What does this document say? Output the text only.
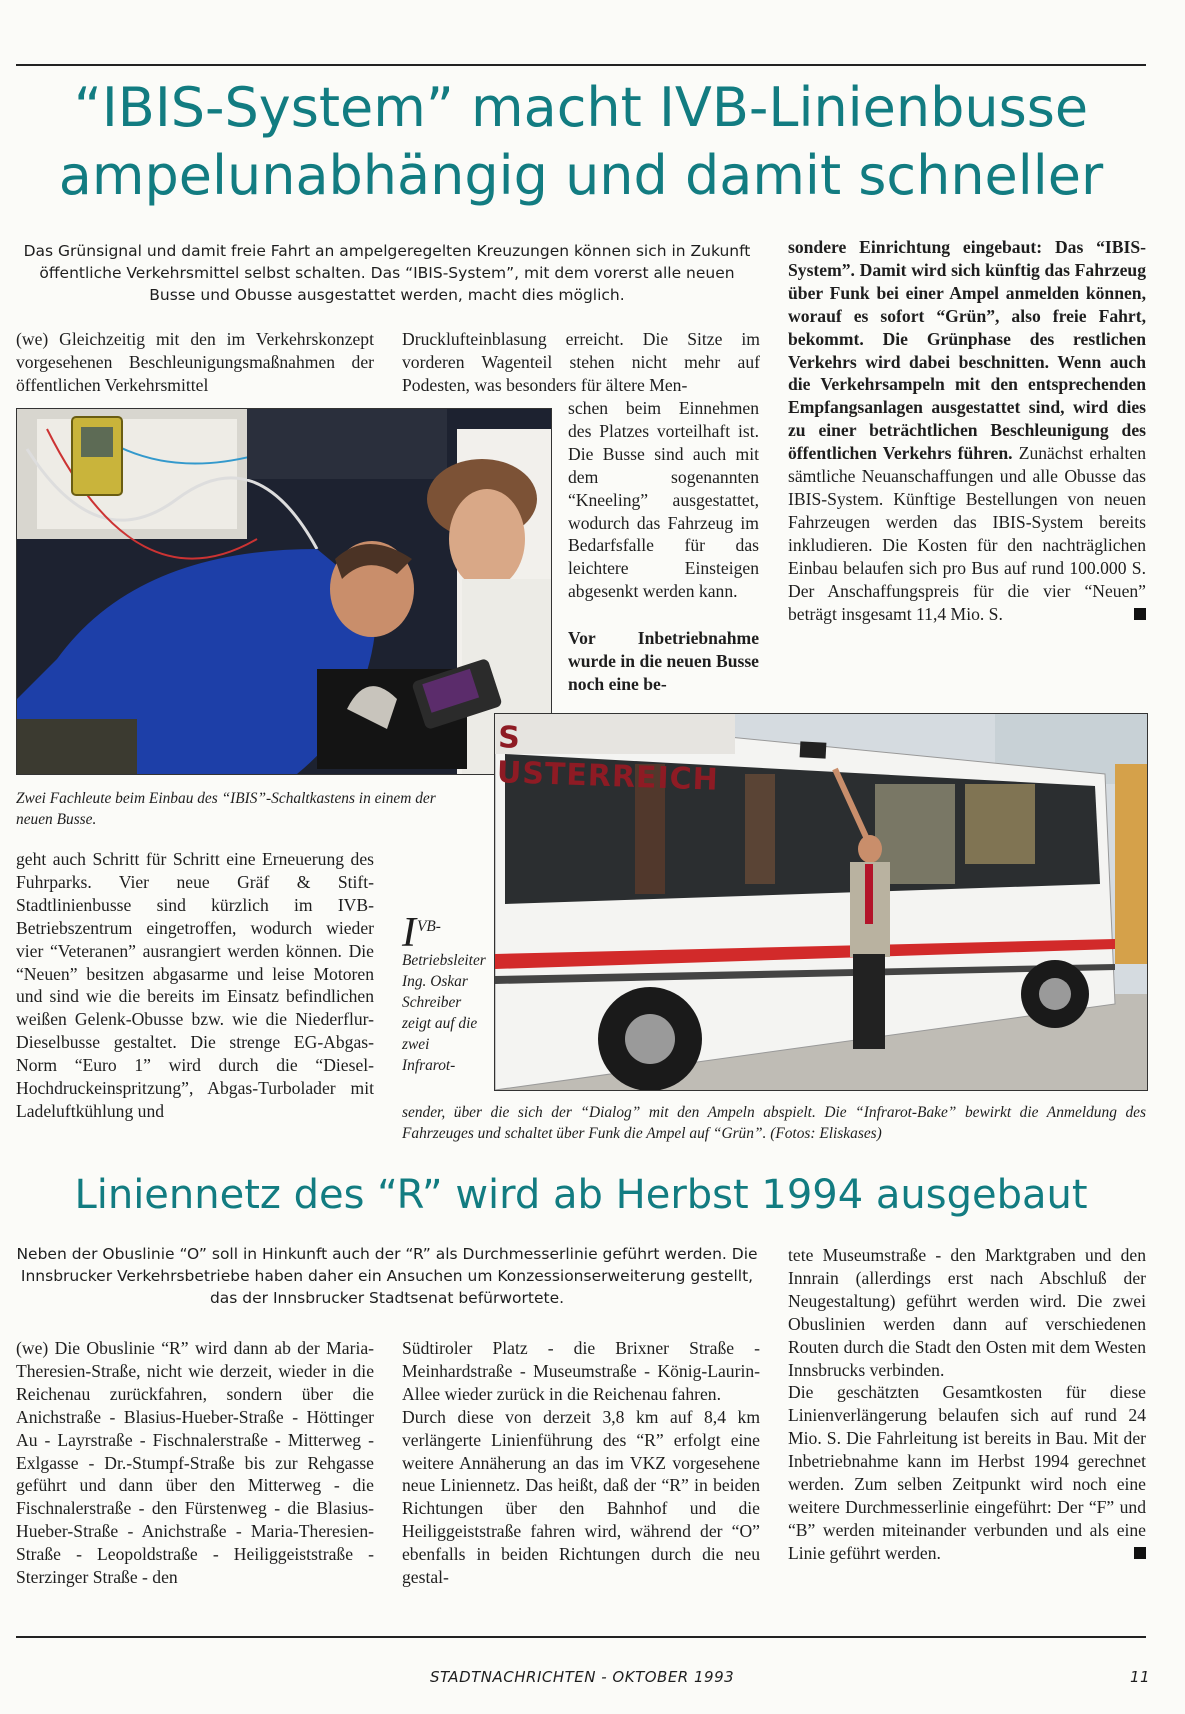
“IBIS-System” macht IVB-Linienbusse
ampelunabhängig und damit schneller

Das Grünsignal und damit freie Fahrt an ampelgeregelten Kreuzungen können sich in Zukunft öffentliche Verkehrsmittel selbst schalten. Das “IBIS-System”, mit dem vorerst alle neuen Busse und Obusse ausgestattet werden, macht dies möglich.

(we) Gleichzeitig mit den im Verkehrskonzept vorgesehenen Beschleunigungsmaßnahmen der öffentlichen Verkehrsmittel

Zwei Fachleute beim Einbau des “IBIS”-Schaltkastens in einem der neuen Busse.

geht auch Schritt für Schritt eine Erneuerung des Fuhrparks. Vier neue Gräf & Stift-Stadtlinienbusse sind kürzlich im IVB-Betriebszentrum eingetroffen, wodurch wieder vier “Veteranen” ausrangiert werden können. Die “Neuen” besitzen abgasarme und leise Motoren und sind wie die bereits im Einsatz befindlichen weißen Gelenk-Obusse bzw. wie die Niederflur-Dieselbusse gestaltet. Die strenge EG-Abgas-Norm “Euro 1” wird durch die “Diesel-Hochdruckeinspritzung”, Abgas-Turbolader mit Ladeluftkühlung und

Drucklufteinblasung erreicht. Die Sitze im vorderen Wagenteil stehen nicht mehr auf Podesten, was besonders für ältere Men-

schen beim Einnehmen des Platzes vorteilhaft ist. Die Busse sind auch mit dem sogenannten “Kneeling” ausgestattet, wodurch das Fahrzeug im Bedarfsfalle für das leichtere Einsteigen abgesenkt werden kann.

Vor Inbetriebnahme wurde in die neuen Busse noch eine be-

sondere Einrichtung eingebaut: Das “IBIS-System”. Damit wird sich künftig das Fahrzeug über Funk bei einer Ampel anmelden können, worauf es sofort “Grün”, also freie Fahrt, bekommt. Die Grünphase des restlichen Verkehrs wird dabei beschnitten. Wenn auch die Verkehrsampeln mit den entsprechenden Empfangsanlagen ausgestattet sind, wird dies zu einer beträchtlichen Beschleunigung des öffentlichen Verkehrs führen. Zunächst erhalten sämtliche Neuanschaffungen und alle Obusse das IBIS-System. Künftige Bestellungen von neuen Fahrzeugen werden das IBIS-System bereits inkludieren. Die Kosten für den nachträglichen Einbau belaufen sich pro Bus auf rund 100.000 S. Der Anschaffungspreis für die vier “Neuen” beträgt insgesamt 11,4 Mio. S.

S USTERREICH
I VB-Betriebsleiter Ing. Oskar Schreiber zeigt auf die zwei Infrarot-

sender, über die sich der “Dialog” mit den Ampeln abspielt. Die “Infrarot-Bake” bewirkt die Anmeldung des Fahrzeuges und schaltet über Funk die Ampel auf “Grün”. (Fotos: Eliskases)

Liniennetz des “R” wird ab Herbst 1994 ausgebaut

Neben der Obuslinie “O” soll in Hinkunft auch der “R” als Durchmesserlinie geführt werden. Die Innsbrucker Verkehrsbetriebe haben daher ein Ansuchen um Konzessionserweiterung gestellt, das der Innsbrucker Stadtsenat befürwortete.

(we) Die Obuslinie “R” wird dann ab der Maria-Theresien-Straße, nicht wie derzeit, wieder in die Reichenau zurückfahren, sondern über die Anichstraße - Blasius-Hueber-Straße - Höttinger Au - Layrstraße - Fischnalerstraße - Mitterweg - Exlgasse - Dr.-Stumpf-Straße bis zur Rehgasse geführt und dann über den Mitterweg - die Fischnalerstraße - den Fürstenweg - die Blasius-Hueber-Straße - Anichstraße - Maria-Theresien-Straße - Leopoldstraße - Heiliggeiststraße - Sterzinger Straße - den

Südtiroler Platz - die Brixner Straße - Meinhardstraße - Museumstraße - König-Laurin-Allee wieder zurück in die Reichenau fahren.
Durch diese von derzeit 3,8 km auf 8,4 km verlängerte Linienführung des “R” erfolgt eine weitere Annäherung an das im VKZ vorgesehene neue Liniennetz. Das heißt, daß der “R” in beiden Richtungen über den Bahnhof und die Heiliggeiststraße fahren wird, während der “O” ebenfalls in beiden Richtungen durch die neu gestal-

tete Museumstraße - den Marktgraben und den Innrain (allerdings erst nach Abschluß der Neugestaltung) geführt werden wird. Die zwei Obuslinien werden dann auf verschiedenen Routen durch die Stadt den Osten mit dem Westen Innsbrucks verbinden.
Die geschätzten Gesamtkosten für diese Linienverlängerung belaufen sich auf rund 24 Mio. S. Die Fahrleitung ist bereits in Bau. Mit der Inbetriebnahme kann im Herbst 1994 gerechnet werden. Zum selben Zeitpunkt wird noch eine weitere Durchmesserlinie eingeführt: Der “F” und “B” werden miteinander verbunden und als eine Linie geführt werden.

STADTNACHRICHTEN - OKTOBER 1993	11
